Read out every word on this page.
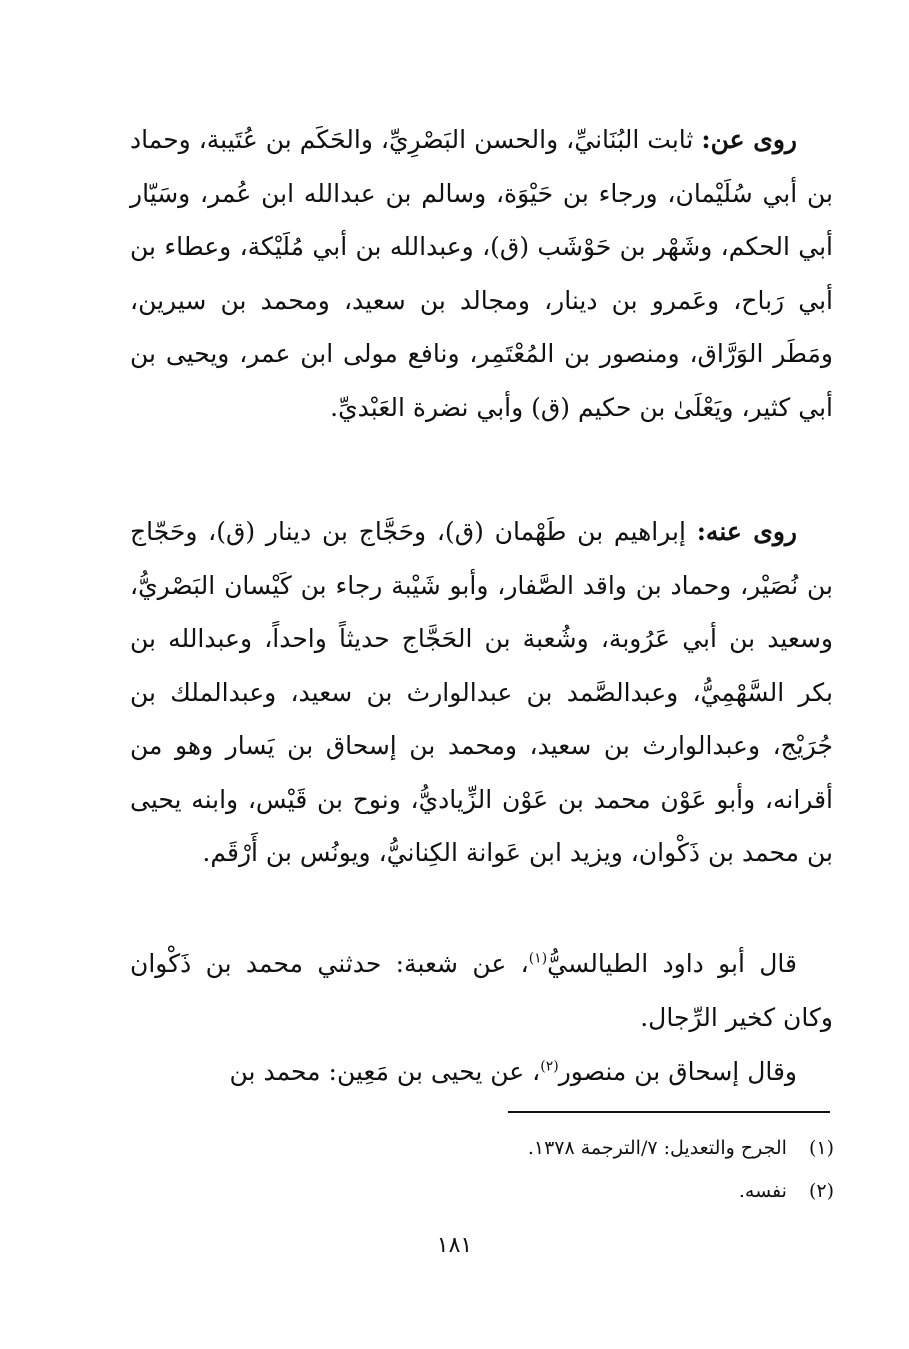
روى عن: ثابت البُنَانيِّ، والحسن البَصْرِيِّ، والحَكَم بن عُتَيبة، وحماد بن أبي سُلَيْمان، ورجاء بن حَيْوَة، وسالم بن عبدالله ابن عُمر، وسَيّار أبي الحكم، وشَهْر بن حَوْشَب (ق)، وعبدالله بن أبي مُلَيْكة، وعطاء بن أبي رَباح، وعَمرو بن دينار، ومجالد بن سعيد، ومحمد بن سيرين، ومَطَر الوَرَّاق، ومنصور بن المُعْتَمِر، ونافع مولى ابن عمر، ويحيى بن أبي كثير، ويَعْلَىٰ بن حكيم (ق) وأبي نضرة العَبْديِّ.

روى عنه: إبراهيم بن طَهْمان (ق)، وحَجَّاج بن دينار (ق)، وحَجّاج بن نُصَيْر، وحماد بن واقد الصَّفار، وأبو شَيْبة رجاء بن كَيْسان البَصْريُّ، وسعيد بن أبي عَرُوبة، وشُعبة بن الحَجَّاج حديثاً واحداً، وعبدالله بن بكر السَّهْمِيُّ، وعبدالصَّمد بن عبدالوارث بن سعيد، وعبدالملك بن جُرَيْج، وعبدالوارث بن سعيد، ومحمد بن إسحاق بن يَسار وهو من أقرانه، وأبو عَوْن محمد بن عَوْن الزِّياديُّ، ونوح بن قَيْس، وابنه يحيى بن محمد بن ذَكْوان، ويزيد ابن عَوانة الكِنانيُّ، ويونُس بن أَرْقَم.

قال أبو داود الطيالسيُّ$^{(١)}$، عن شعبة: حدثني محمد بن ذَكْوان وكان كخير الرِّجال.

وقال إسحاق بن منصور$^{(٢)}$، عن يحيى بن مَعِين: محمد بن

(١)الجرح والتعديل: ٧/الترجمة ١٣٧٨.
(٢)نفسه.
١٨١
